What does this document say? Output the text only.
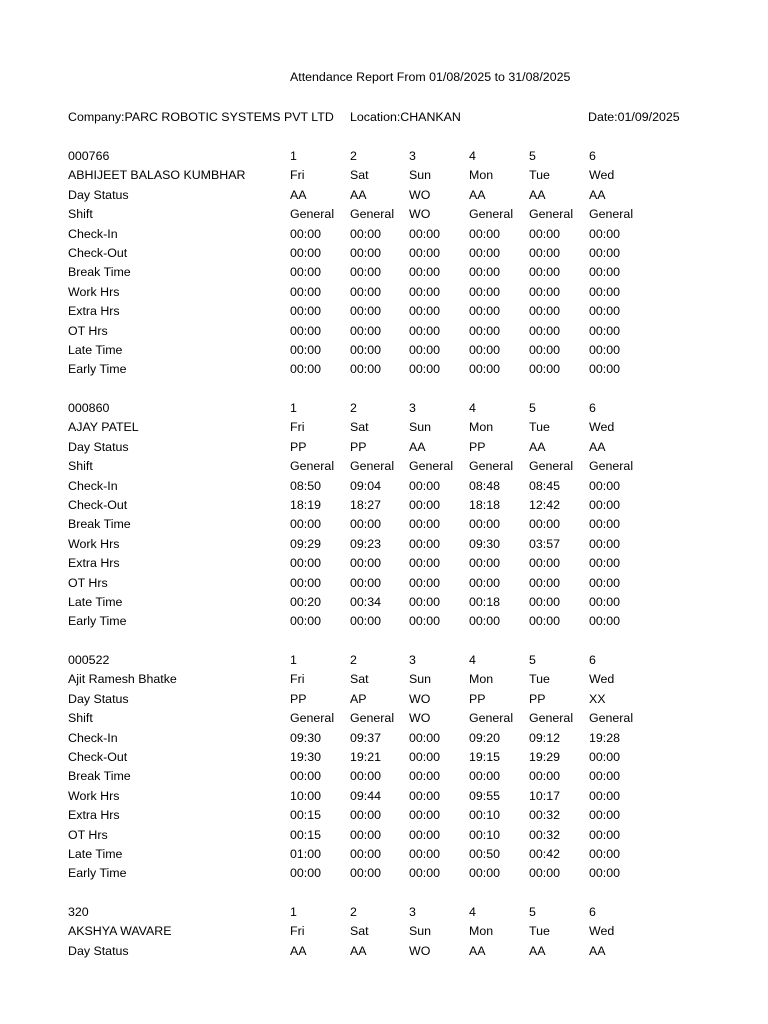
Attendance Report From 01/08/2025 to 31/08/2025
Company:PARC ROBOTIC SYSTEMS PVT LTD Location:CHANKAN	Date:01/09/2025
000766	1	2	3	4	5	6
ABHIJEET BALASO KUMBHAR	Fri	Sat	Sun	Mon	Tue	Wed
Day Status	AA	AA	WO	AA	AA	AA
Shift	General General WO	General General General
Check-In	00:00 00:00 00:00 00:00 00:00 00:00
Check-Out	00:00 00:00 00:00 00:00 00:00 00:00
Break Time	00:00 00:00 00:00 00:00 00:00 00:00
Work Hrs	00:00 00:00 00:00 00:00 00:00 00:00
Extra Hrs	00:00 00:00 00:00 00:00 00:00 00:00
OT Hrs	00:00 00:00 00:00 00:00 00:00 00:00
Late Time	00:00 00:00 00:00 00:00 00:00 00:00
Early Time	00:00 00:00 00:00 00:00 00:00 00:00
000860	1	2	3	4	5	6
AJAY PATEL	Fri	Sat	Sun	Mon	Tue	Wed
Day Status	PP	PP	AA	PP	AA	AA
Shift	General General General General General General
Check-In	08:50 09:04 00:00 08:48 08:45 00:00
Check-Out	18:19 18:27 00:00 18:18 12:42 00:00
Break Time	00:00 00:00 00:00 00:00 00:00 00:00
Work Hrs	09:29 09:23 00:00 09:30 03:57 00:00
Extra Hrs	00:00 00:00 00:00 00:00 00:00 00:00
OT Hrs	00:00 00:00 00:00 00:00 00:00 00:00
Late Time	00:20 00:34 00:00 00:18 00:00 00:00
Early Time	00:00 00:00 00:00 00:00 00:00 00:00
000522	1	2	3	4	5	6
Ajit Ramesh Bhatke	Fri	Sat	Sun	Mon	Tue	Wed
Day Status	PP	AP	WO	PP	PP	XX
Shift	General General WO	General General General
Check-In	09:30 09:37 00:00 09:20 09:12 19:28
Check-Out	19:30 19:21 00:00 19:15 19:29 00:00
Break Time	00:00 00:00 00:00 00:00 00:00 00:00
Work Hrs	10:00 09:44 00:00 09:55 10:17 00:00
Extra Hrs	00:15 00:00 00:00 00:10 00:32 00:00
OT Hrs	00:15 00:00 00:00 00:10 00:32 00:00
Late Time	01:00 00:00 00:00 00:50 00:42 00:00
Early Time	00:00 00:00 00:00 00:00 00:00 00:00
320	1	2	3	4	5	6
AKSHYA WAVARE	Fri	Sat	Sun	Mon	Tue	Wed
Day Status	AA	AA	WO	AA	AA	AA
